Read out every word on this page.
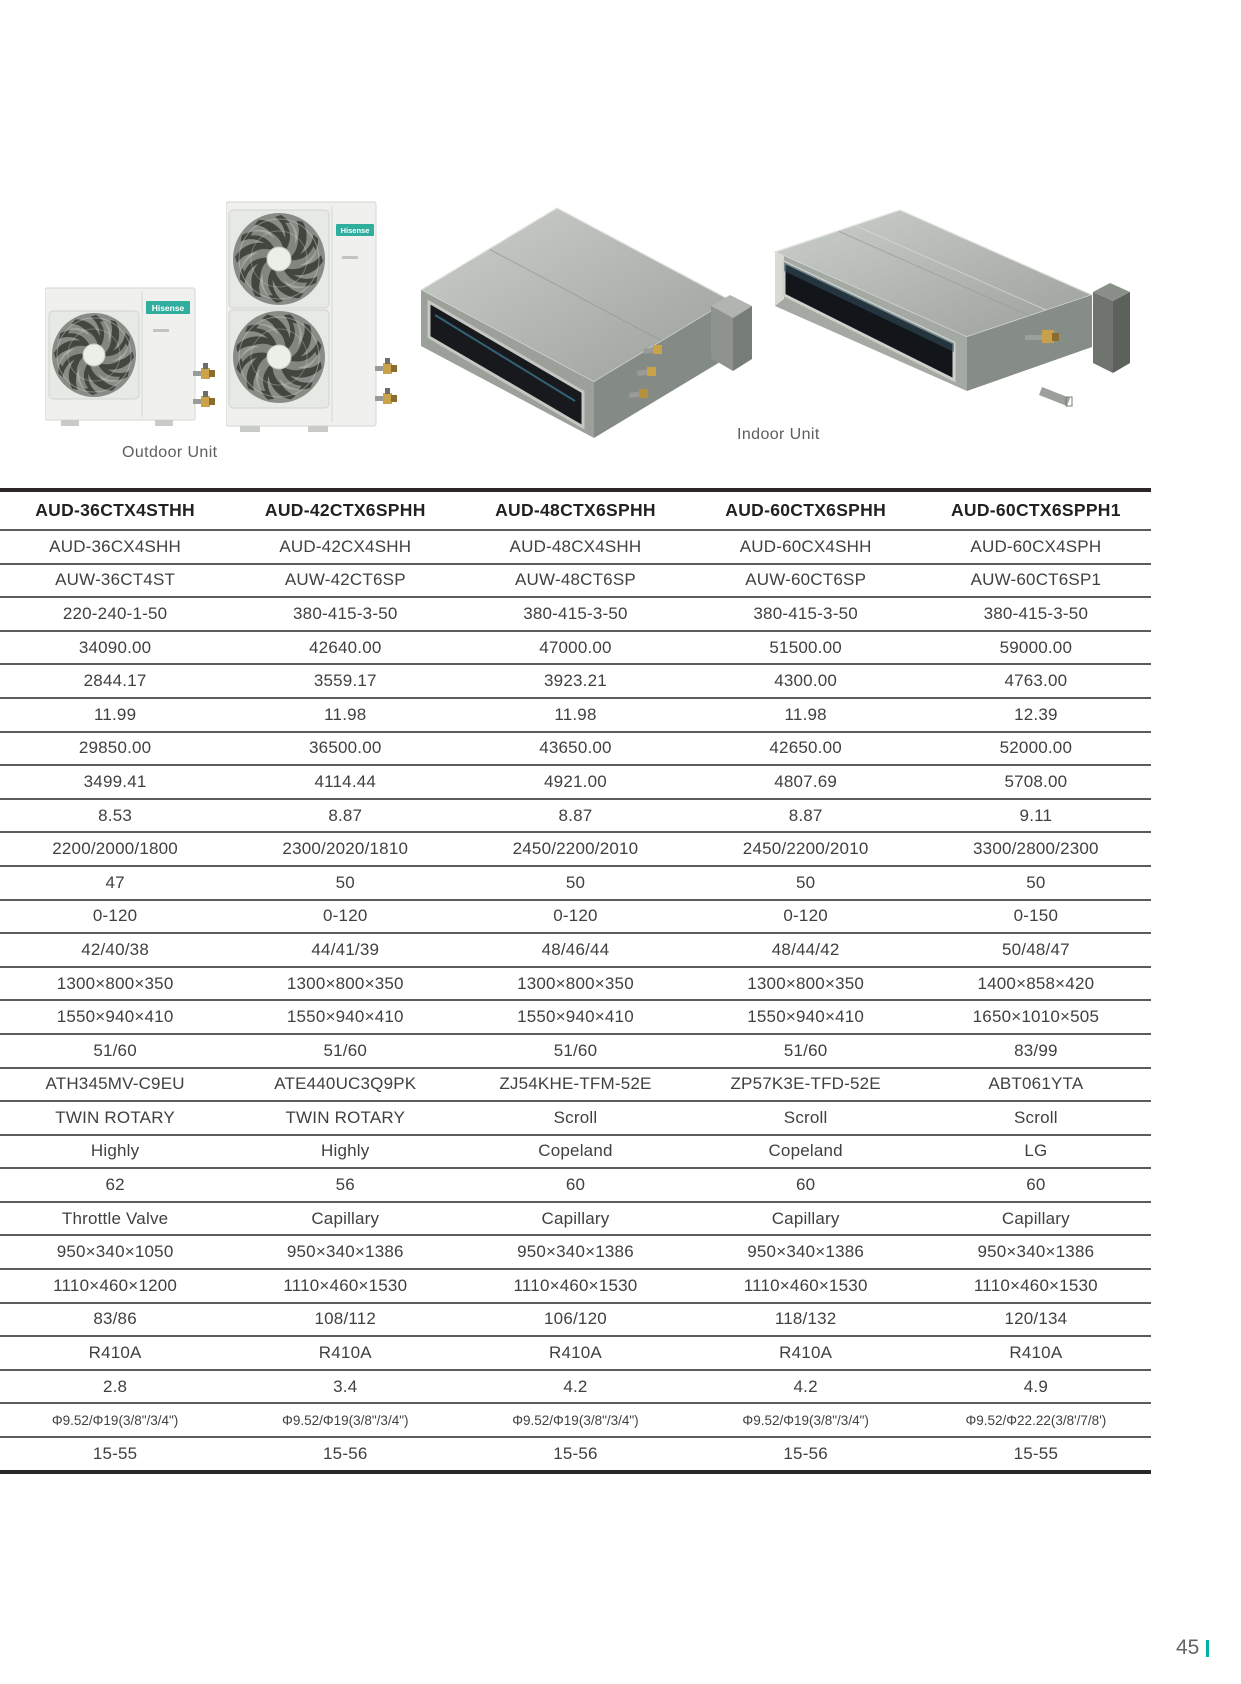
Hisense
Hisense
Outdoor Unit
Indoor Unit
AUD-36CTX4STHH	AUD-42CTX6SPHH	AUD-48CTX6SPHH	AUD-60CTX6SPHH	AUD-60CTX6SPPH1
AUD-36CX4SHH	AUD-42CX4SHH	AUD-48CX4SHH	AUD-60CX4SHH	AUD-60CX4SPH
AUW-36CT4ST	AUW-42CT6SP	AUW-48CT6SP	AUW-60CT6SP	AUW-60CT6SP1
220-240-1-50	380-415-3-50	380-415-3-50	380-415-3-50	380-415-3-50
34090.00	42640.00	47000.00	51500.00	59000.00
2844.17	3559.17	3923.21	4300.00	4763.00
11.99	11.98	11.98	11.98	12.39
29850.00	36500.00	43650.00	42650.00	52000.00
3499.41	4114.44	4921.00	4807.69	5708.00
8.53	8.87	8.87	8.87	9.11
2200/2000/1800	2300/2020/1810	2450/2200/2010	2450/2200/2010	3300/2800/2300
47	50	50	50	50
0-120	0-120	0-120	0-120	0-150
42/40/38	44/41/39	48/46/44	48/44/42	50/48/47
1300×800×350	1300×800×350	1300×800×350	1300×800×350	1400×858×420
1550×940×410	1550×940×410	1550×940×410	1550×940×410	1650×1010×505
51/60	51/60	51/60	51/60	83/99
ATH345MV-C9EU	ATE440UC3Q9PK	ZJ54KHE-TFM-52E	ZP57K3E-TFD-52E	ABT061YTA
TWIN ROTARY	TWIN ROTARY	Scroll	Scroll	Scroll
Highly	Highly	Copeland	Copeland	LG
62	56	60	60	60
Throttle Valve	Capillary	Capillary	Capillary	Capillary
950×340×1050	950×340×1386	950×340×1386	950×340×1386	950×340×1386
1110×460×1200	1110×460×1530	1110×460×1530	1110×460×1530	1110×460×1530
83/86	108/112	106/120	118/132	120/134
R410A	R410A	R410A	R410A	R410A
2.8	3.4	4.2	4.2	4.9
Φ9.52/Φ19(3/8"/3/4")	Φ9.52/Φ19(3/8"/3/4")	Φ9.52/Φ19(3/8"/3/4")	Φ9.52/Φ19(3/8"/3/4")	Φ9.52/Φ22.22(3/8'/7/8')
15-55	15-56	15-56	15-56	15-55
45
